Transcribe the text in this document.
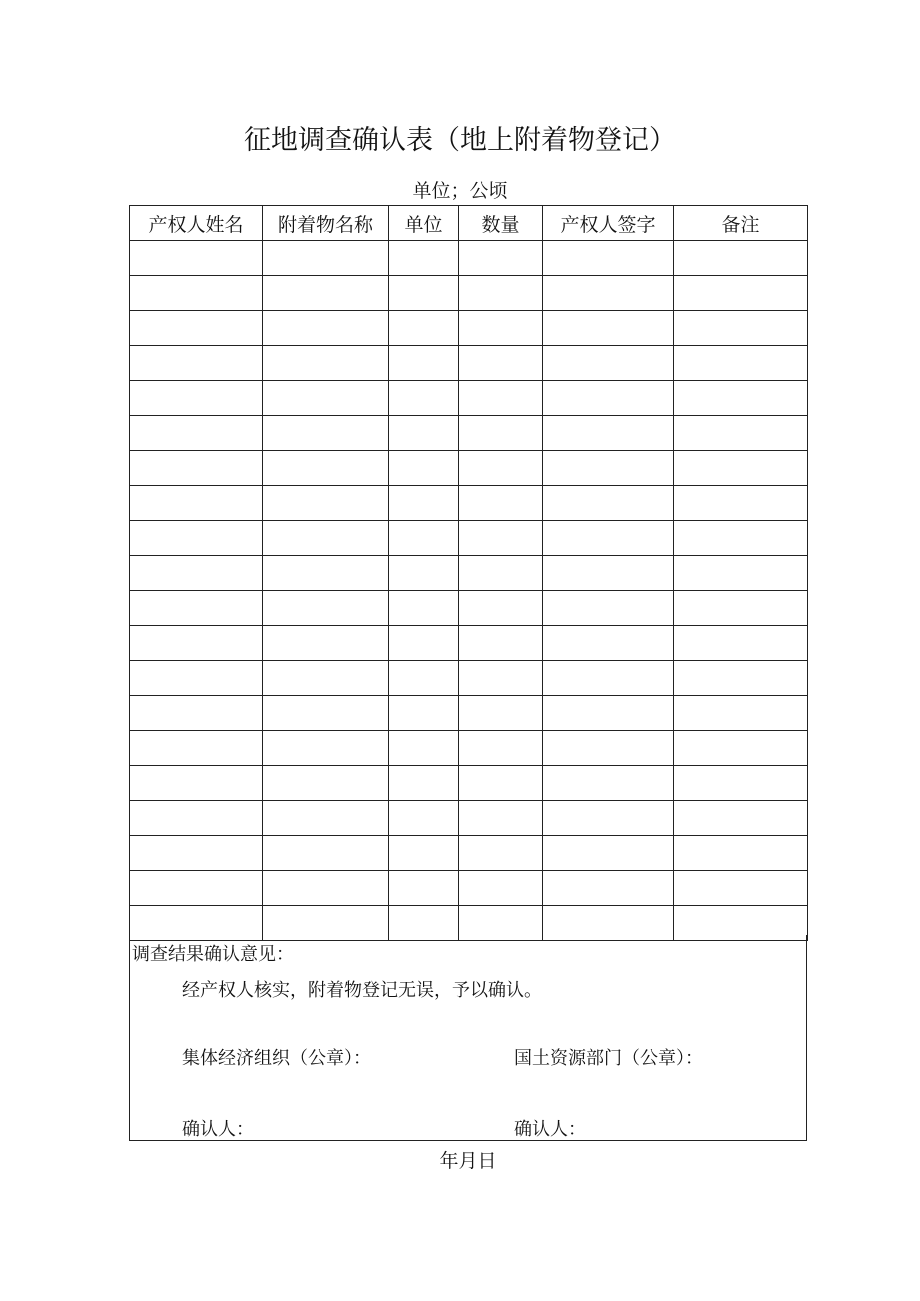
征地调查确认表（地上附着物登记）
单位；公顷
产权人姓名	附着物名称	单位	数量	产权人签字	备注

调查结果确认意见：
经产权人核实，附着物登记无误，予以确认。
集体经济组织（公章）：	国土资源部门（公章）：
确认人：	确认人：
年月日
